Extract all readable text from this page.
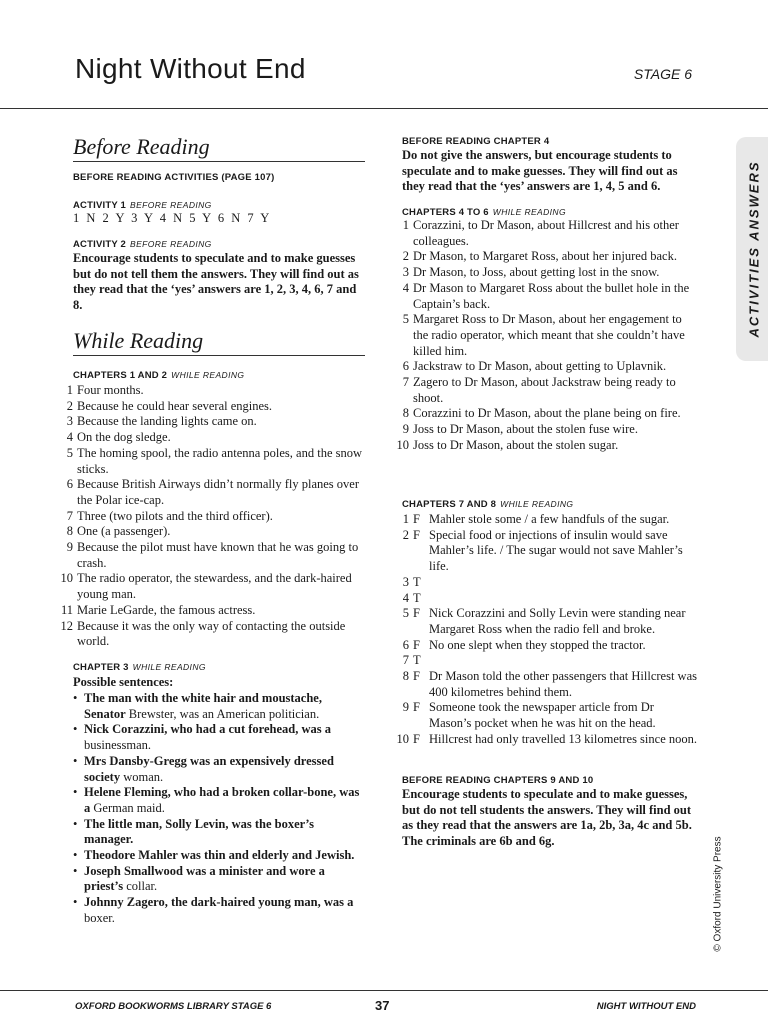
Night Without End	STAGE 6
ACTIVITIES ANSWERS
Before Reading
BEFORE READING ACTIVITIES (PAGE 107)
ACTIVITY 1 BEFORE READING
1 N 2 Y 3 Y 4 N 5 Y 6 N 7 Y
ACTIVITY 2 BEFORE READING
Encourage students to speculate and to make guesses but do not tell them the answers. They will find out as they read that the ‘yes’ answers are 1, 2, 3, 4, 6, 7 and 8.
While Reading
CHAPTERS 1 AND 2 WHILE READING
1 Four months.
2 Because he could hear several engines.
3 Because the landing lights came on.
4 On the dog sledge.
5 The homing spool, the radio antenna poles, and the snow sticks.
6 Because British Airways didn’t normally fly planes over the Polar ice-cap.
7 Three (two pilots and the third officer).
8 One (a passenger).
9 Because the pilot must have known that he was going to crash.
10 The radio operator, the stewardess, and the dark-haired young man.
11 Marie LeGarde, the famous actress.
12 Because it was the only way of contacting the outside world.
CHAPTER 3 WHILE READING
Possible sentences:
• The man with the white hair and moustache, Senator Brewster, was an American politician.
• Nick Corazzini, who had a cut forehead, was a businessman.
• Mrs Dansby-Gregg was an expensively dressed society woman.
• Helene Fleming, who had a broken collar-bone, was a German maid.
• The little man, Solly Levin, was the boxer’s manager.
• Theodore Mahler was thin and elderly and Jewish.
• Joseph Smallwood was a minister and wore a priest’s collar.
• Johnny Zagero, the dark-haired young man, was a boxer.
BEFORE READING CHAPTER 4
Do not give the answers, but encourage students to speculate and to make guesses. They will find out as they read that the ‘yes’ answers are 1, 4, 5 and 6.
CHAPTERS 4 TO 6 WHILE READING
1 Corazzini, to Dr Mason, about Hillcrest and his other colleagues.
2 Dr Mason, to Margaret Ross, about her injured back.
3 Dr Mason, to Joss, about getting lost in the snow.
4 Dr Mason to Margaret Ross about the bullet hole in the Captain’s back.
5 Margaret Ross to Dr Mason, about her engagement to the radio operator, which meant that she couldn’t have killed him.
6 Jackstraw to Dr Mason, about getting to Uplavnik.
7 Zagero to Dr Mason, about Jackstraw being ready to shoot.
8 Corazzini to Dr Mason, about the plane being on fire.
9 Joss to Dr Mason, about the stolen fuse wire.
10 Joss to Dr Mason, about the stolen sugar.
CHAPTERS 7 AND 8 WHILE READING
1 F Mahler stole some / a few handfuls of the sugar.
2 F Special food or injections of insulin would save Mahler’s life. / The sugar would not save Mahler’s life.
3 T
4 T
5 F Nick Corazzini and Solly Levin were standing near Margaret Ross when the radio fell and broke.
6 F No one slept when they stopped the tractor.
7 T
8 F Dr Mason told the other passengers that Hillcrest was 400 kilometres behind them.
9 F Someone took the newspaper article from Dr Mason’s pocket when he was hit on the head.
10 F Hillcrest had only travelled 13 kilometres since noon.
BEFORE READING CHAPTERS 9 AND 10
Encourage students to speculate and to make guesses, but do not tell students the answers. They will find out as they read that the answers are 1a, 2b, 3a, 4c and 5b. The criminals are 6b and 6g.	© Oxford University Press
OXFORD BOOKWORMS LIBRARY STAGE 6	37	NIGHT WITHOUT END
